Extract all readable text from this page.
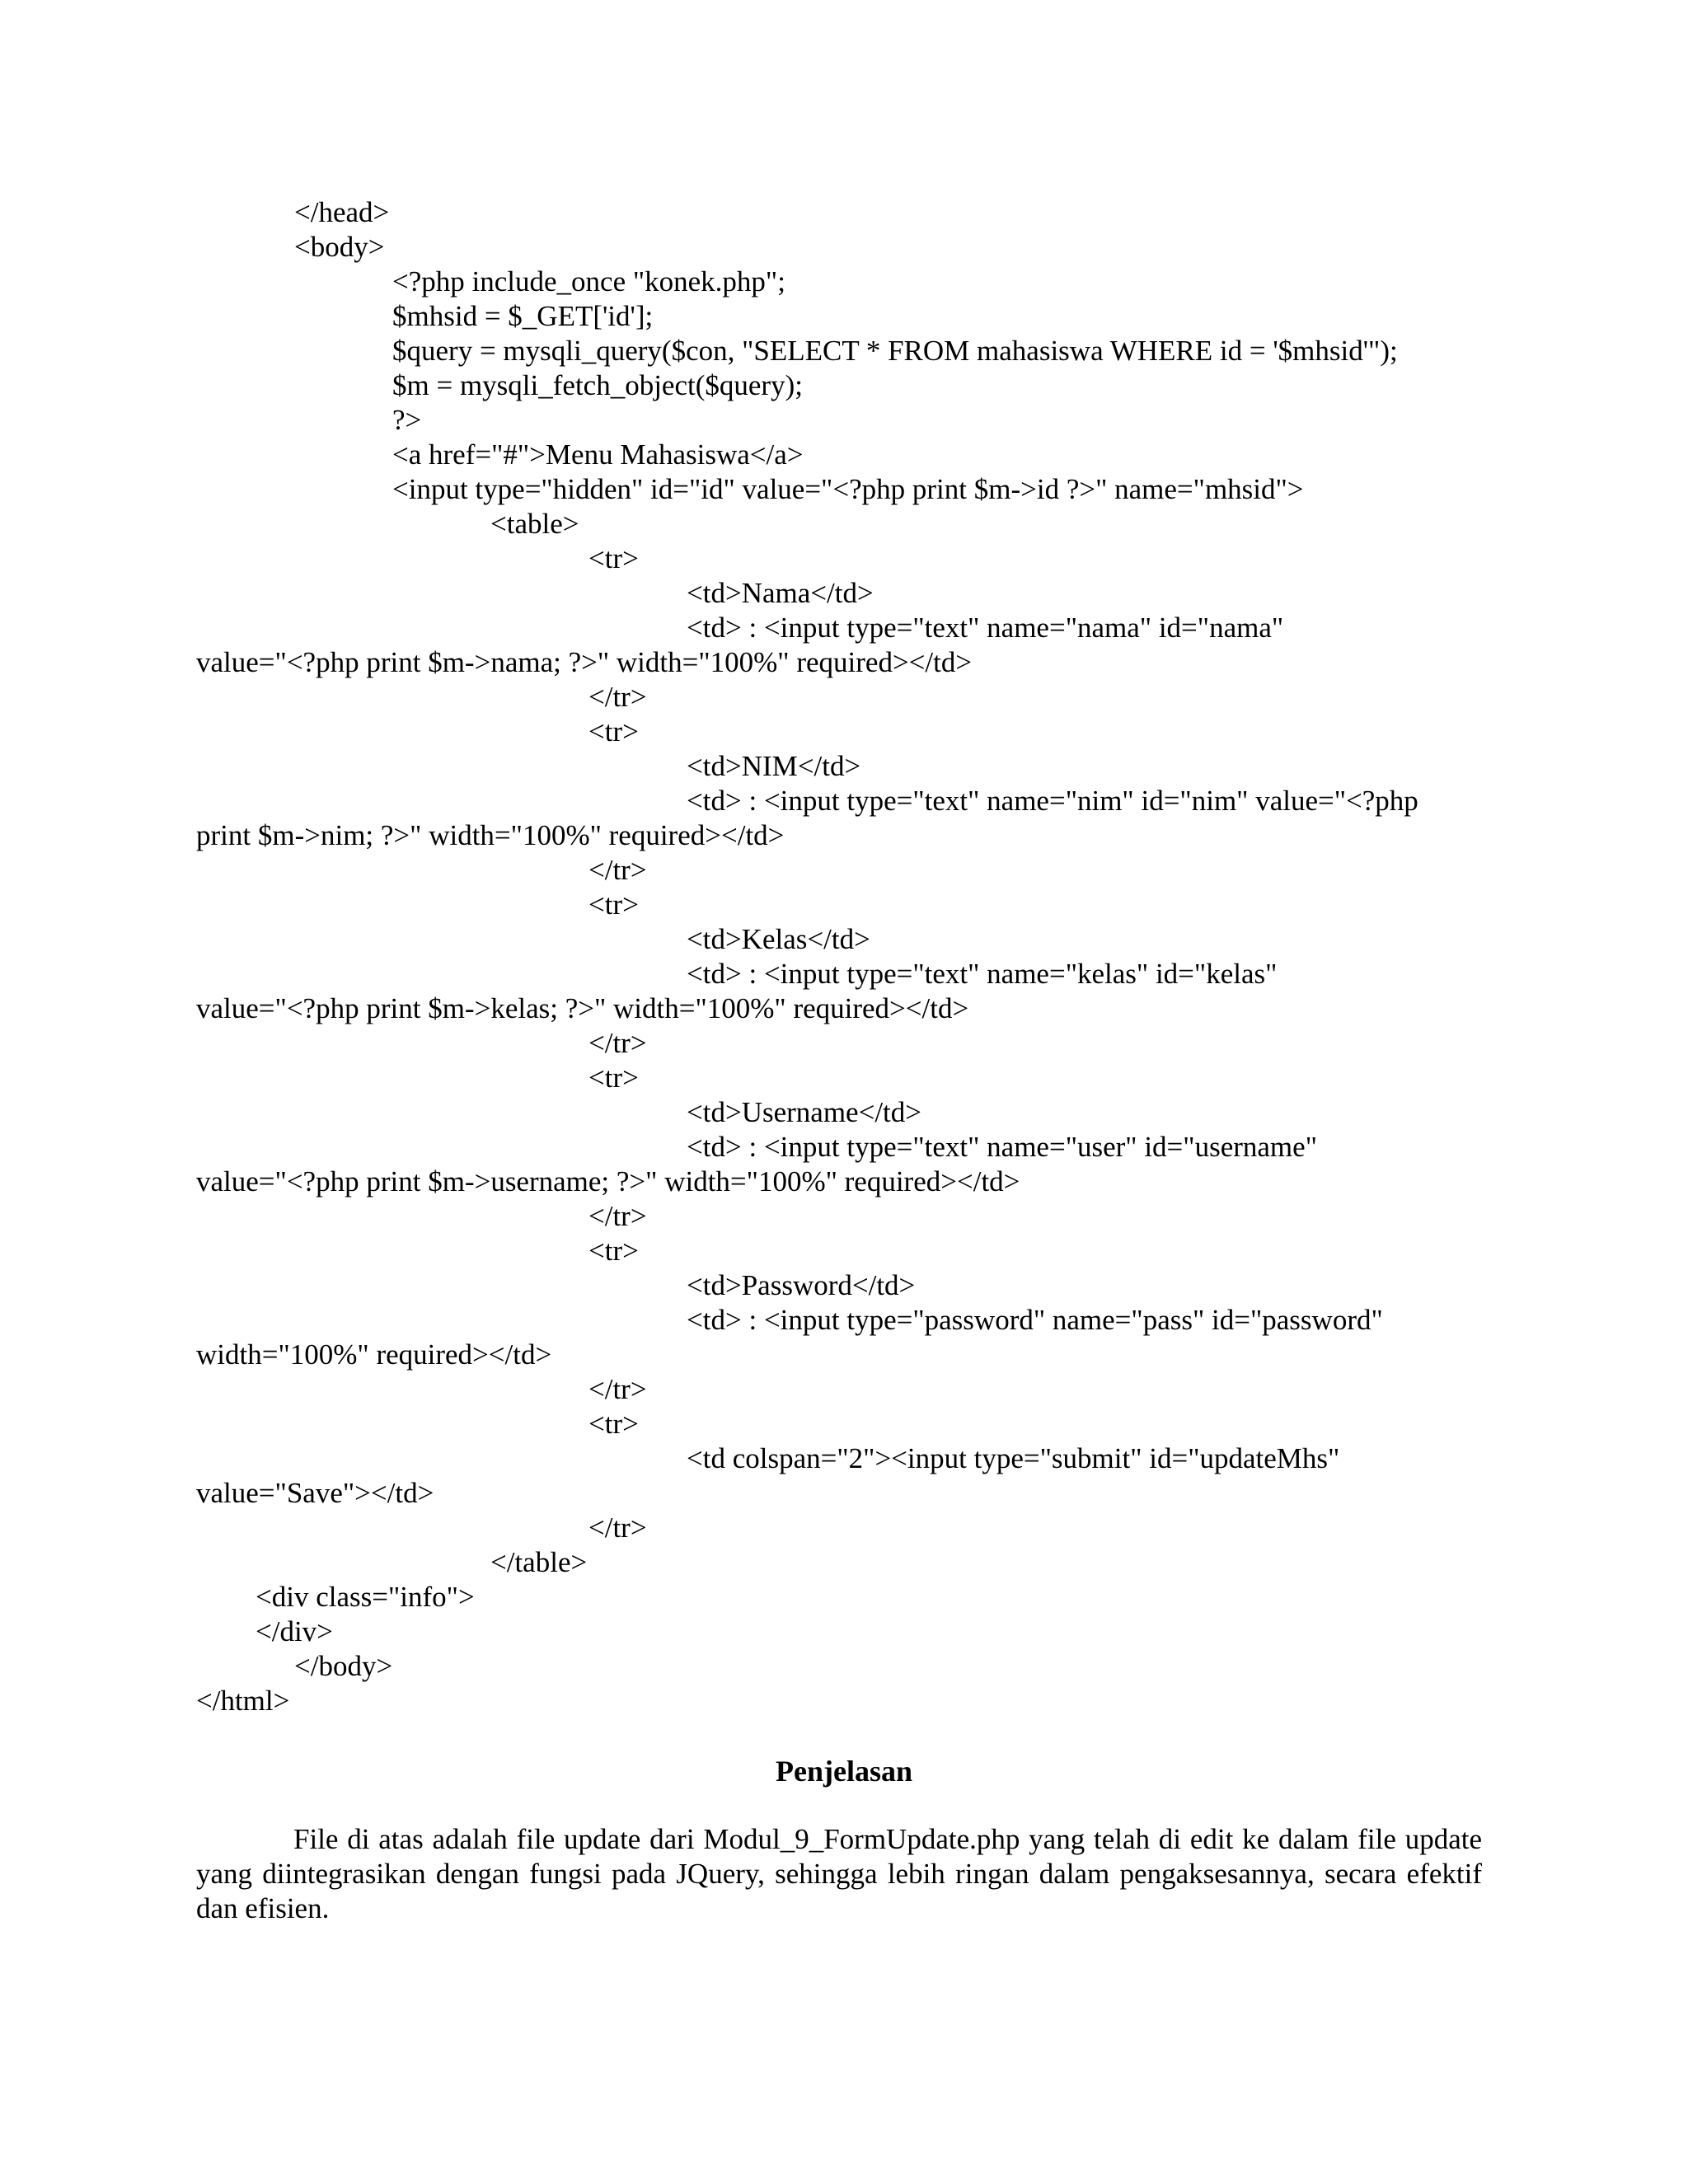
</head>
<body>
<?php include_once "konek.php";
$mhsid = $_GET['id'];
$query = mysqli_query($con, "SELECT * FROM mahasiswa WHERE id = '$mhsid'");
$m = mysqli_fetch_object($query);
?>
<a href="#">Menu Mahasiswa</a>
<input type="hidden" id="id" value="<?php print $m->id ?>" name="mhsid">
<table>
<tr>
<td>Nama</td>
<td> : <input type="text" name="nama" id="nama"
value="<?php print $m->nama; ?>" width="100%" required></td>
</tr>
<tr>
<td>NIM</td>
<td> : <input type="text" name="nim" id="nim" value="<?php
print $m->nim; ?>" width="100%" required></td>
</tr>
<tr>
<td>Kelas</td>
<td> : <input type="text" name="kelas" id="kelas"
value="<?php print $m->kelas; ?>" width="100%" required></td>
</tr>
<tr>
<td>Username</td>
<td> : <input type="text" name="user" id="username"
value="<?php print $m->username; ?>" width="100%" required></td>
</tr>
<tr>
<td>Password</td>
<td> : <input type="password" name="pass" id="password"
width="100%" required></td>
</tr>
<tr>
<td colspan="2"><input type="submit" id="updateMhs"
value="Save"></td>
</tr>
</table>
<div class="info">
</div>
</body>
</html>
Penjelasan

File di atas adalah file update dari Modul_9_FormUpdate.php yang telah di edit ke dalam file update yang diintegrasikan dengan fungsi pada JQuery, sehingga lebih ringan dalam pengaksesannya, secara efektif dan efisien.
